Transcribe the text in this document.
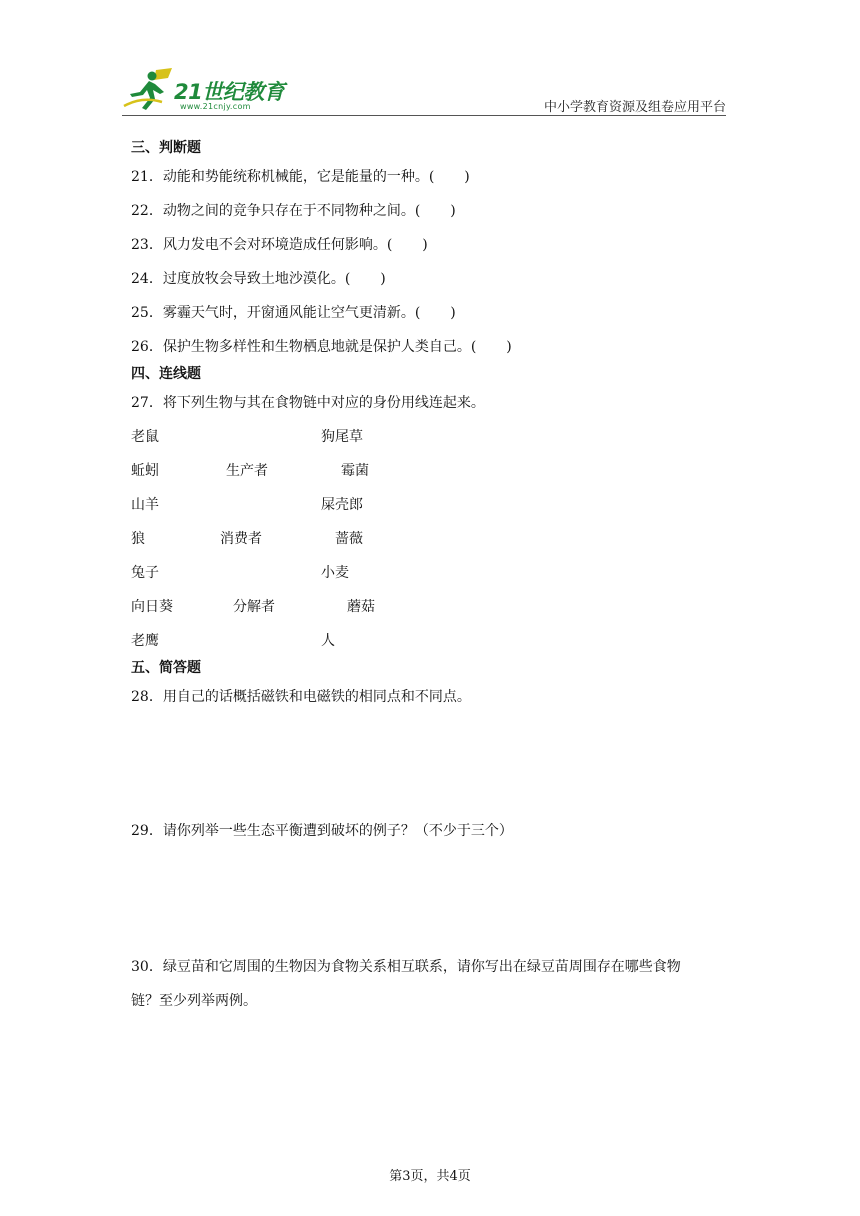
21世纪教育
www.21cnjy.com	中小学教育资源及组卷应用平台
三、判断题
21．动能和势能统称机械能，它是能量的一种。( )
22．动物之间的竞争只存在于不同物种之间。( )
23．风力发电不会对环境造成任何影响。( )
24．过度放牧会导致土地沙漠化。( )
25．雾霾天气时，开窗通风能让空气更清新。( )
26．保护生物多样性和生物栖息地就是保护人类自己。( )
四、连线题
27．将下列生物与其在食物链中对应的身份用线连起来。
老鼠
蚯蚓
山羊
狼
兔子
向日葵
老鹰
生产者
消费者
分解者
狗尾草
霉菌
屎壳郎
蔷薇
小麦
蘑菇
人
五、简答题
28．用自己的话概括磁铁和电磁铁的相同点和不同点。
29．请你列举一些生态平衡遭到破坏的例子？（不少于三个）
30．绿豆苗和它周围的生物因为食物关系相互联系，请你写出在绿豆苗周围存在哪些食物
链？至少列举两例。
第3页，共4页
